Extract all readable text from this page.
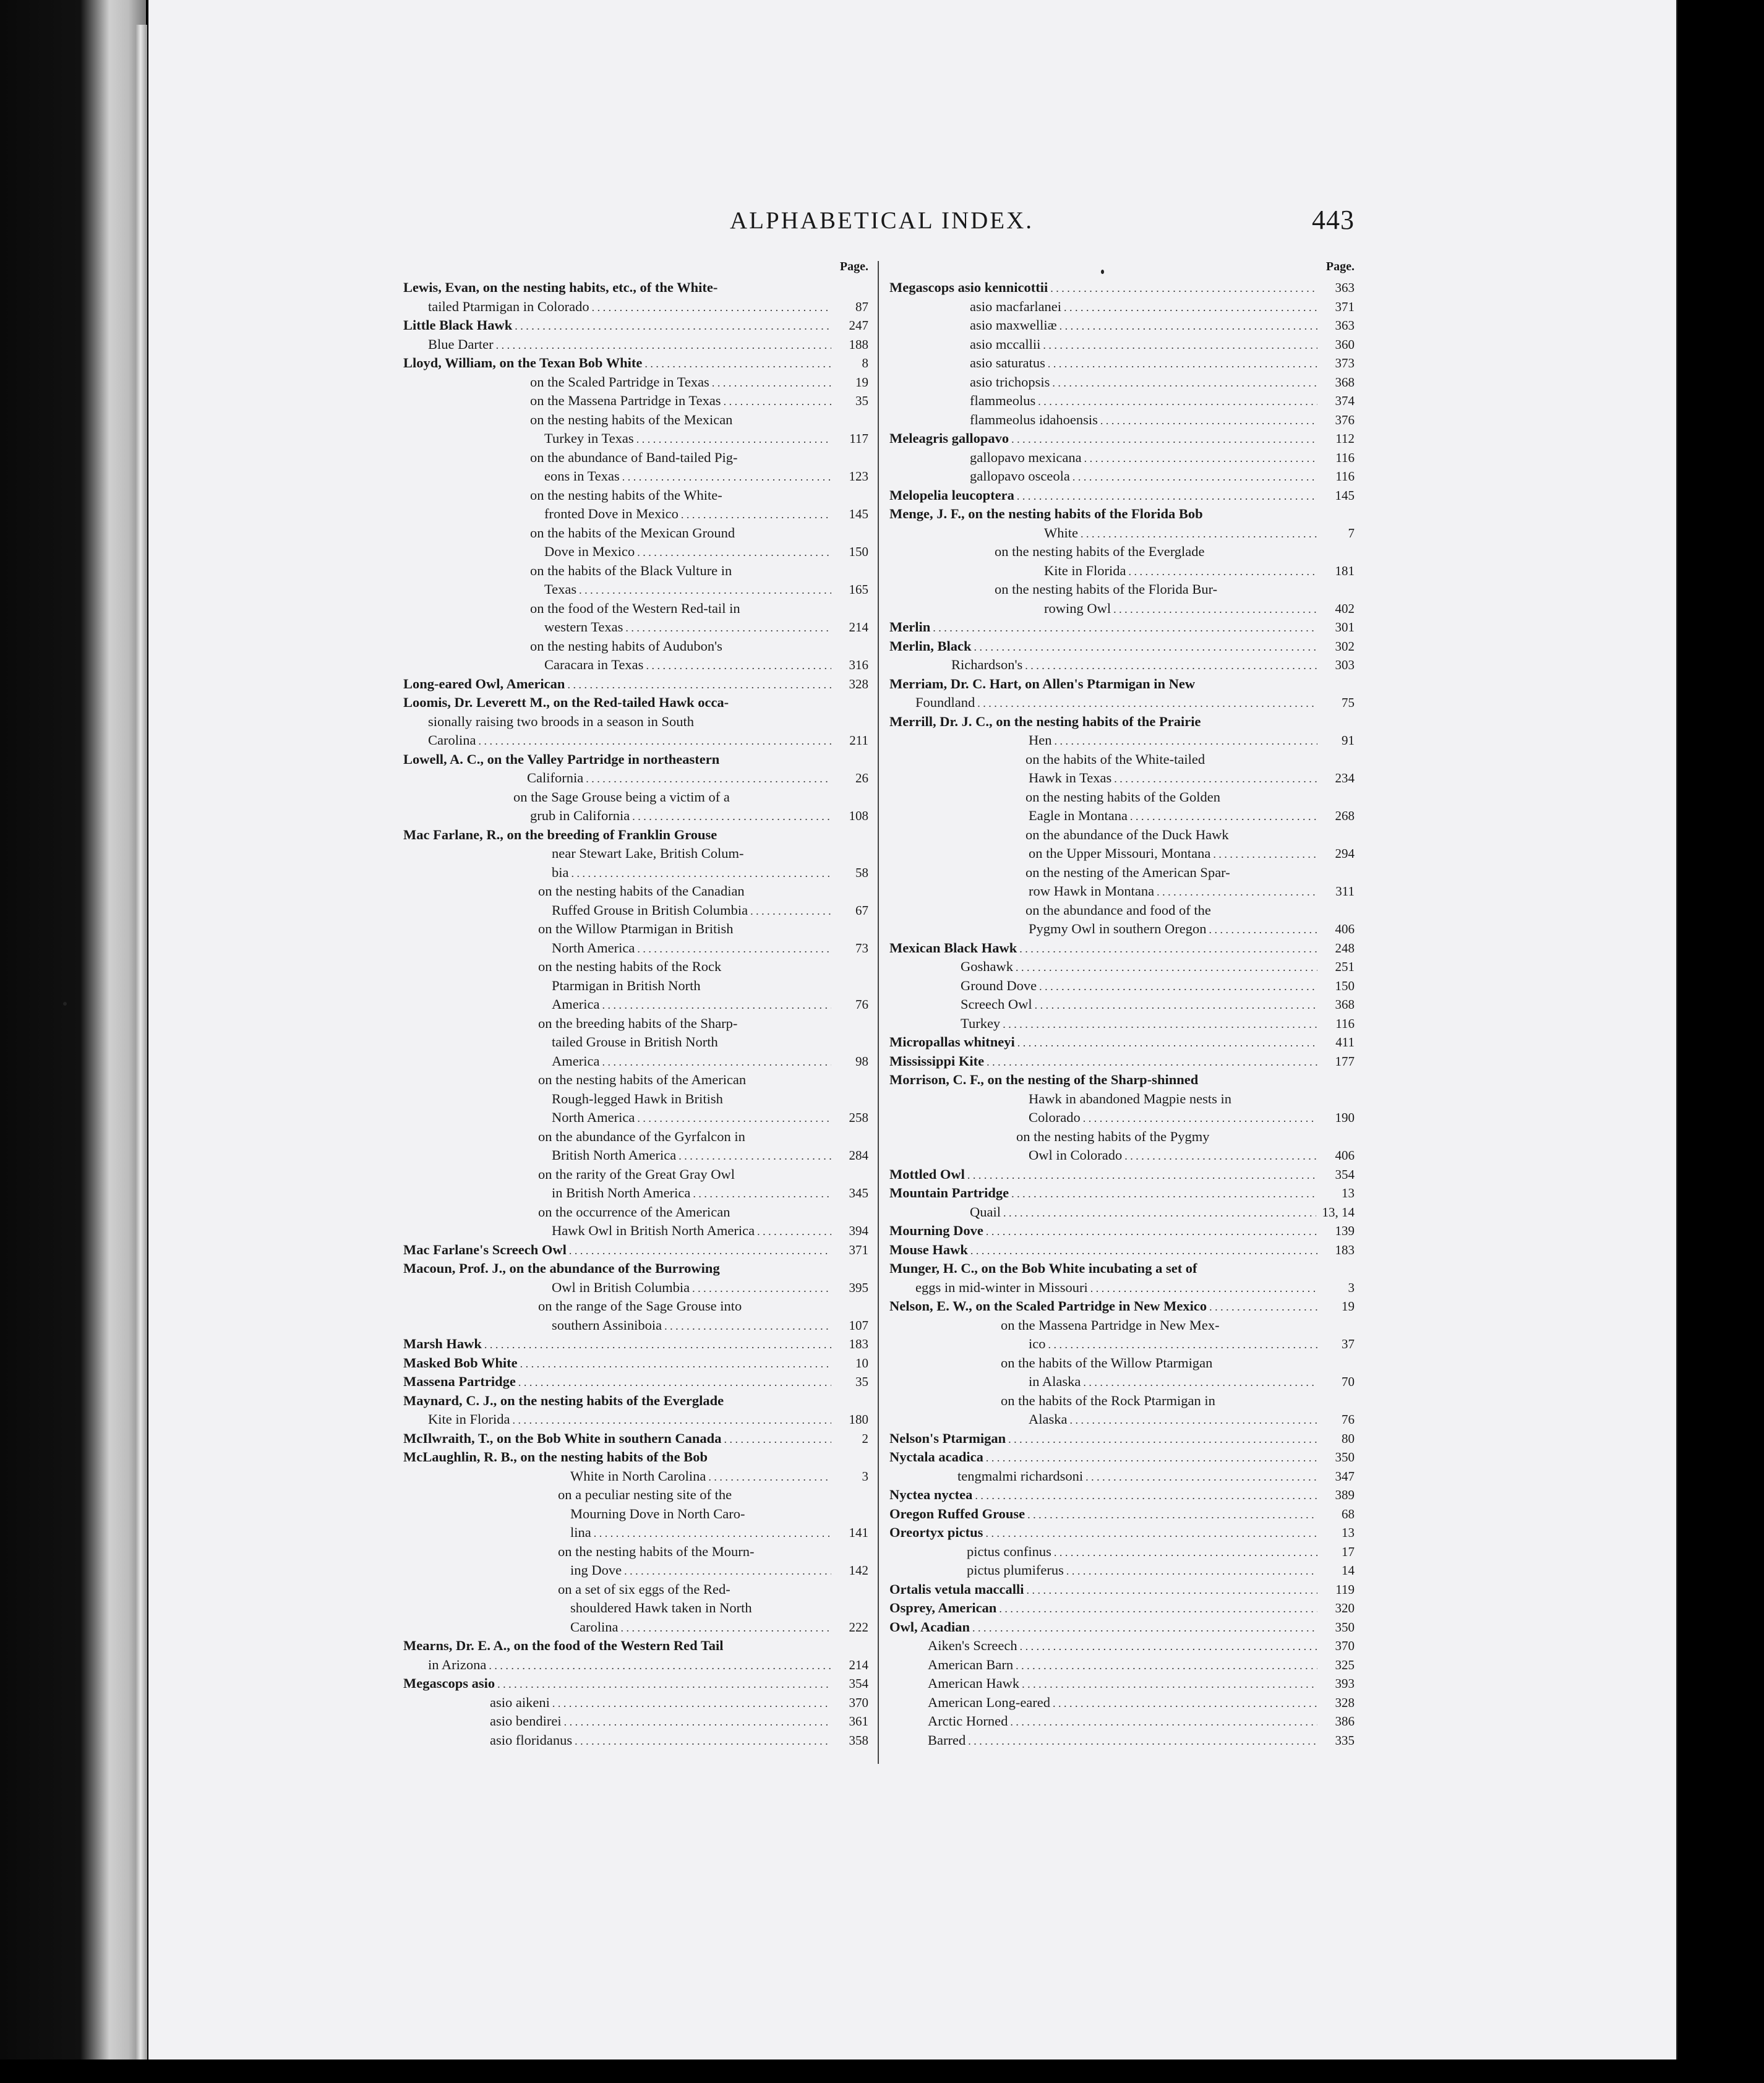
ALPHABETICAL INDEX.	443
Page.
Lewis, Evan, on the nesting habits, etc., of the White-
tailed Ptarmigan in Colorado . . .	87
Little Black Hawk . . .	247
Blue Darter . . .	188
Lloyd, William, on the Texan Bob White . . .	8
on the Scaled Partridge in Texas . . .	19
on the Massena Partridge in Texas . . .	35
on the nesting habits of the Mexican
Turkey in Texas . . .	117
on the abundance of Band-tailed Pig-
eons in Texas . . .	123
on the nesting habits of the White-
fronted Dove in Mexico . . .	145
on the habits of the Mexican Ground
Dove in Mexico . . .	150
on the habits of the Black Vulture in
Texas . . .	165
on the food of the Western Red-tail in
western Texas . . .	214
on the nesting habits of Audubon's
Caracara in Texas . . .	316
Long-eared Owl, American . . .	328
Loomis, Dr. Leverett M., on the Red-tailed Hawk occa-
sionally raising two broods in a season in South
Carolina . . .	211
Lowell, A. C., on the Valley Partridge in northeastern
California . . .	26
on the Sage Grouse being a victim of a
grub in California . . .	108
Mac Farlane, R., on the breeding of Franklin Grouse
near Stewart Lake, British Colum-
bia . . .	58
on the nesting habits of the Canadian
Ruffed Grouse in British Columbia . . .	67
on the Willow Ptarmigan in British
North America . . .	73
on the nesting habits of the Rock
Ptarmigan in British North
America . . .	76
on the breeding habits of the Sharp-
tailed Grouse in British North
America . . .	98
on the nesting habits of the American
Rough-legged Hawk in British
North America . . .	258
on the abundance of the Gyrfalcon in
British North America . . .	284
on the rarity of the Great Gray Owl
in British North America . . .	345
on the occurrence of the American
Hawk Owl in British North America . . .	394
Mac Farlane's Screech Owl . . .	371
Macoun, Prof. J., on the abundance of the Burrowing
Owl in British Columbia . . .	395
on the range of the Sage Grouse into
southern Assiniboia . . .	107
Marsh Hawk . . .	183
Masked Bob White . . .	10
Massena Partridge . . .	35
Maynard, C. J., on the nesting habits of the Everglade
Kite in Florida . . .	180
McIlwraith, T., on the Bob White in southern Canada . . .	2
McLaughlin, R. B., on the nesting habits of the Bob
White in North Carolina . . .	3
on a peculiar nesting site of the
Mourning Dove in North Caro-
lina . . .	141
on the nesting habits of the Mourn-
ing Dove . . .	142
on a set of six eggs of the Red-
shouldered Hawk taken in North
Carolina . . .	222
Mearns, Dr. E. A., on the food of the Western Red Tail
in Arizona . . .	214
Megascops asio . . .	354
asio aikeni . . .	370
asio bendirei . . .	361
asio floridanus . . .	358
Page.
Megascops asio kennicottii . . .	363
asio macfarlanei . . .	371
asio maxwelliæ . . .	363
asio mccallii . . .	360
asio saturatus . . .	373
asio trichopsis . . .	368
flammeolus . . .	374
flammeolus idahoensis . . .	376
Meleagris gallopavo . . .	112
gallopavo mexicana . . .	116
gallopavo osceola . . .	116
Melopelia leucoptera . . .	145
Menge, J. F., on the nesting habits of the Florida Bob
White . . .	7
on the nesting habits of the Everglade
Kite in Florida . . .	181
on the nesting habits of the Florida Bur-
rowing Owl . . .	402
Merlin . . .	301
Merlin, Black . . .	302
Richardson's . . .	303
Merriam, Dr. C. Hart, on Allen's Ptarmigan in New
Foundland . . .	75
Merrill, Dr. J. C., on the nesting habits of the Prairie
Hen . . .	91
on the habits of the White-tailed
Hawk in Texas . . .	234
on the nesting habits of the Golden
Eagle in Montana . . .	268
on the abundance of the Duck Hawk
on the Upper Missouri, Montana . . .	294
on the nesting of the American Spar-
row Hawk in Montana . . .	311
on the abundance and food of the
Pygmy Owl in southern Oregon . . .	406
Mexican Black Hawk . . .	248
Goshawk . . .	251
Ground Dove . . .	150
Screech Owl . . .	368
Turkey . . .	116
Micropallas whitneyi . . .	411
Mississippi Kite . . .	177
Morrison, C. F., on the nesting of the Sharp-shinned
Hawk in abandoned Magpie nests in
Colorado . . .	190
on the nesting habits of the Pygmy
Owl in Colorado . . .	406
Mottled Owl . . .	354
Mountain Partridge . . .	13
Quail . . .	13, 14
Mourning Dove . . .	139
Mouse Hawk . . .	183
Munger, H. C., on the Bob White incubating a set of
eggs in mid-winter in Missouri . . .	3
Nelson, E. W., on the Scaled Partridge in New Mexico . . .	19
on the Massena Partridge in New Mex-
ico . . .	37
on the habits of the Willow Ptarmigan
in Alaska . . .	70
on the habits of the Rock Ptarmigan in
Alaska . . .	76
Nelson's Ptarmigan . . .	80
Nyctala acadica . . .	350
tengmalmi richardsoni . . .	347
Nyctea nyctea . . .	389
Oregon Ruffed Grouse . . .	68
Oreortyx pictus . . .	13
pictus confinus . . .	17
pictus plumiferus . . .	14
Ortalis vetula maccalli . . .	119
Osprey, American . . .	320
Owl, Acadian . . .	350
Aiken's Screech . . .	370
American Barn . . .	325
American Hawk . . .	393
American Long-eared . . .	328
Arctic Horned . . .	386
Barred . . .	335
